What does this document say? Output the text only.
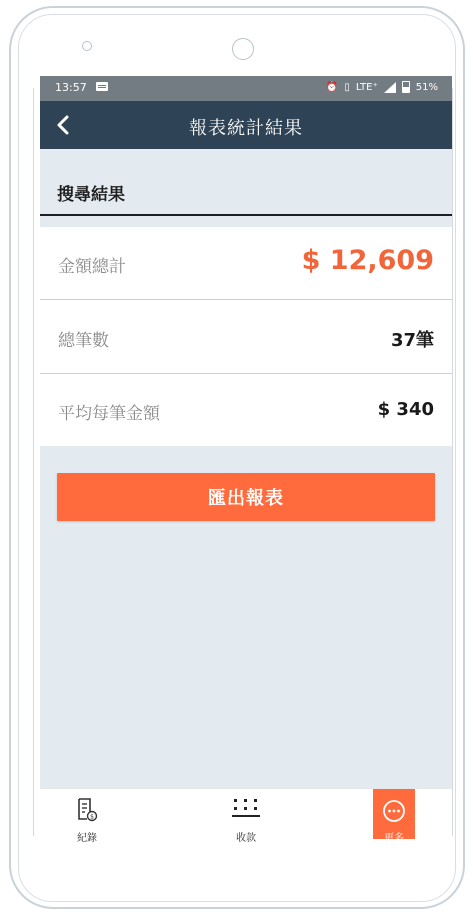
13:57	⏰ ▯ LTE⁺	51%
報表統計結果
搜尋結果
金額總計	$ 12,609
總筆數	37筆
平均每筆金額	$ 340
匯出報表
$
紀錄	收款	更多
